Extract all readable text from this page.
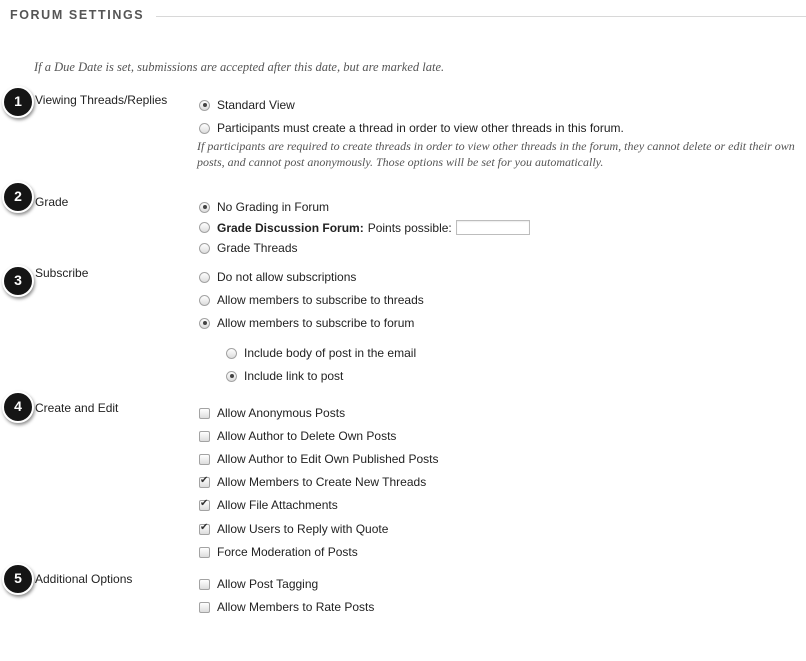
FORUM SETTINGS
If a Due Date is set, submissions are accepted after this date, but are marked late.
1	Viewing Threads/Replies	Standard View
Participants must create a thread in order to view other threads in this forum.
If participants are required to create threads in order to view other threads in the forum, they cannot delete or edit their own posts, and cannot post anonymously. Those options will be set for you automatically.
2	Grade	No Grading in Forum
Grade Discussion Forum: Points possible:
Grade Threads
3	Subscribe	Do not allow subscriptions
Allow members to subscribe to threads
Allow members to subscribe to forum
Include body of post in the email
Include link to post
4	Create and Edit	Allow Anonymous Posts
Allow Author to Delete Own Posts
Allow Author to Edit Own Published Posts
✔ Allow Members to Create New Threads
✔ Allow File Attachments
✔ Allow Users to Reply with Quote
Force Moderation of Posts
5	Additional Options	Allow Post Tagging
Allow Members to Rate Posts
